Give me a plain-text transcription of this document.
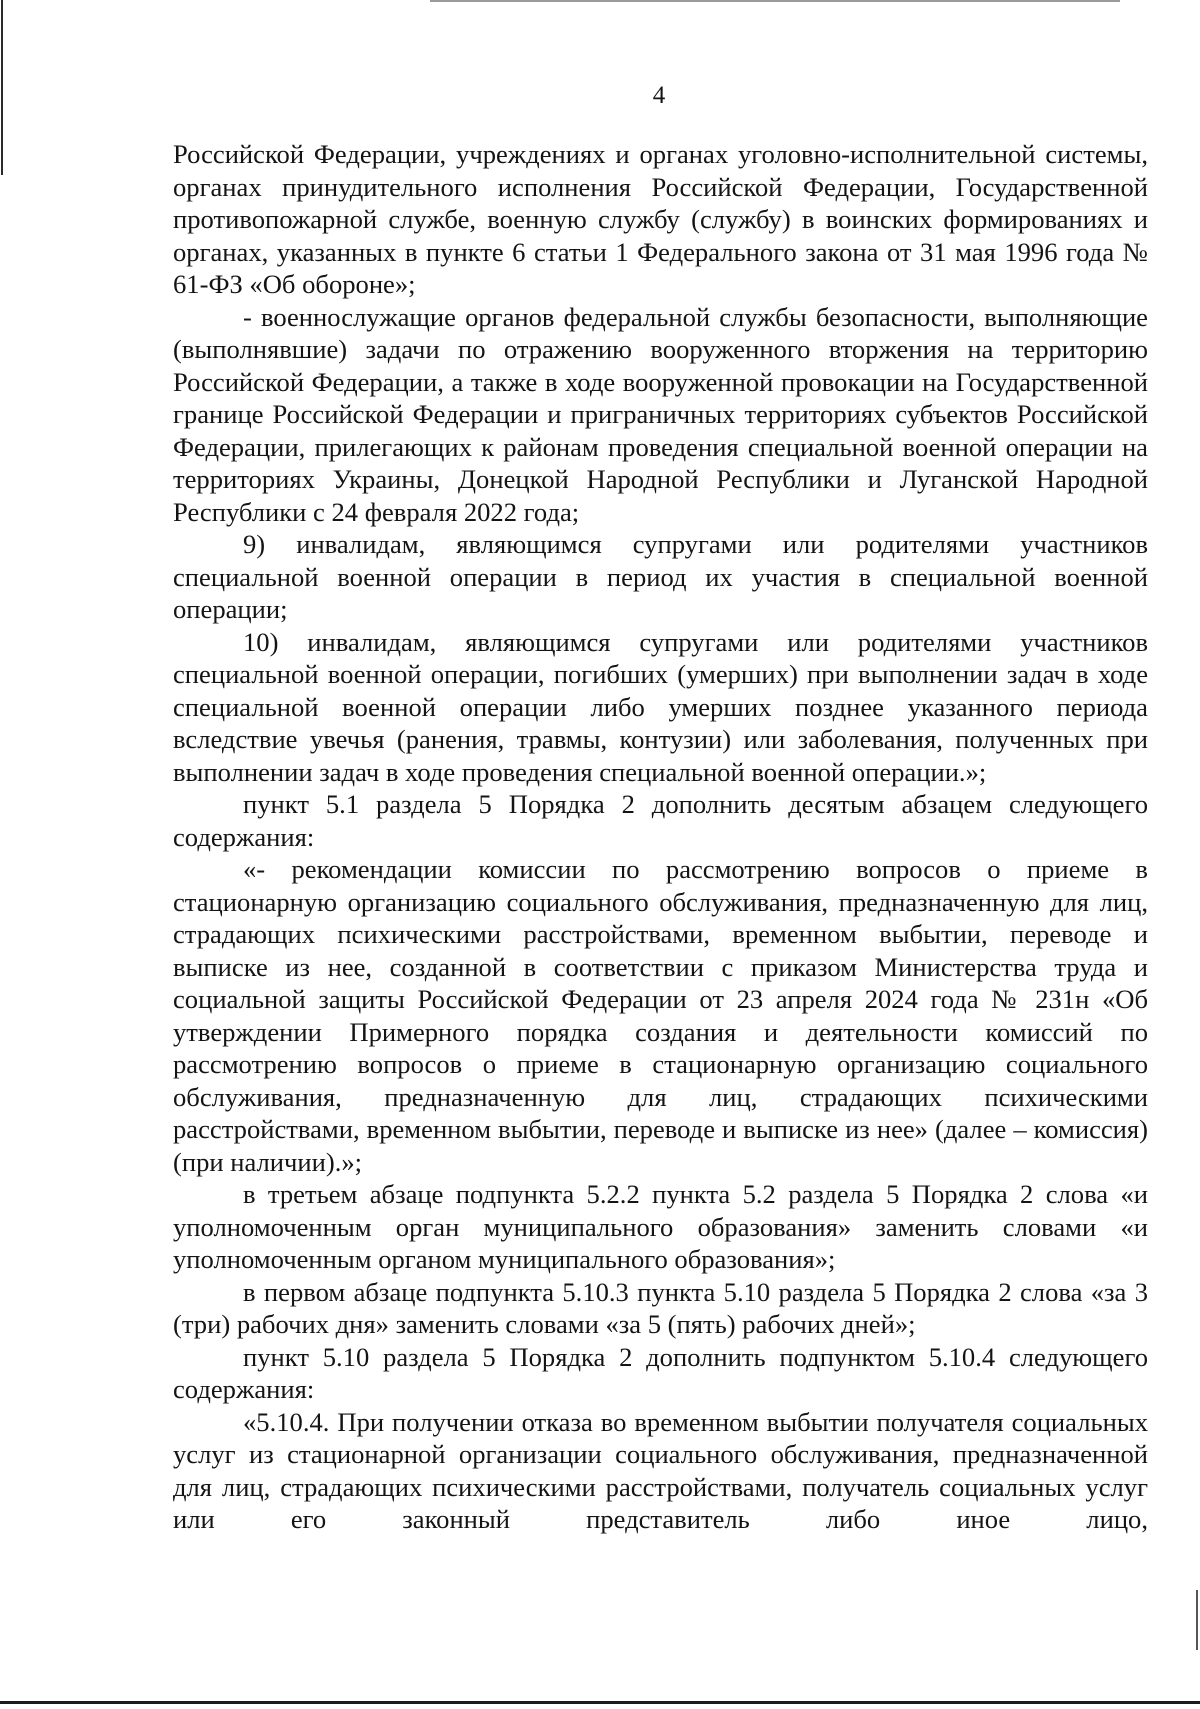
4

Российской Федерации, учреждениях и органах уголовно-исполнительной системы, органах принудительного исполнения Российской Федерации, Государственной противопожарной службе, военную службу (службу) в воинских формированиях и органах, указанных в пункте 6 статьи 1 Федерального закона от 31 мая 1996 года № 61-ФЗ «Об обороне»;

- военнослужащие органов федеральной службы безопасности, выполняющие (выполнявшие) задачи по отражению вооруженного вторжения на территорию Российской Федерации, а также в ходе вооруженной провокации на Государственной границе Российской Федерации и приграничных территориях субъектов Российской Федерации, прилегающих к районам проведения специальной военной операции на территориях Украины, Донецкой Народной Республики и Луганской Народной Республики с 24 февраля 2022 года;

9) инвалидам, являющимся супругами или родителями участников специальной военной операции в период их участия в специальной военной операции;

10) инвалидам, являющимся супругами или родителями участников специальной военной операции, погибших (умерших) при выполнении задач в ходе специальной военной операции либо умерших позднее указанного периода вследствие увечья (ранения, травмы, контузии) или заболевания, полученных при выполнении задач в ходе проведения специальной военной операции.»;

пункт 5.1 раздела 5 Порядка 2 дополнить десятым абзацем следующего содержания:

«- рекомендации комиссии по рассмотрению вопросов о приеме в стационарную организацию социального обслуживания, предназначенную для лиц, страдающих психическими расстройствами, временном выбытии, переводе и выписке из нее, созданной в соответствии с приказом Министерства труда и социальной защиты Российской Федерации от 23 апреля 2024 года № 231н «Об утверждении Примерного порядка создания и деятельности комиссий по рассмотрению вопросов о приеме в стационарную организацию социального обслуживания, предназначенную для лиц, страдающих психическими расстройствами, временном выбытии, переводе и выписке из нее» (далее – комиссия) (при наличии).»;

в третьем абзаце подпункта 5.2.2 пункта 5.2 раздела 5 Порядка 2 слова «и уполномоченным орган муниципального образования» заменить словами «и уполномоченным органом муниципального образования»;

в первом абзаце подпункта 5.10.3 пункта 5.10 раздела 5 Порядка 2 слова «за 3 (три) рабочих дня» заменить словами «за 5 (пять) рабочих дней»;

пункт 5.10 раздела 5 Порядка 2 дополнить подпунктом 5.10.4 следующего содержания:

«5.10.4. При получении отказа во временном выбытии получателя социальных услуг из стационарной организации социального обслуживания, предназначенной для лиц, страдающих психическими расстройствами, получатель социальных услуг или его законный представитель либо иное лицо,
